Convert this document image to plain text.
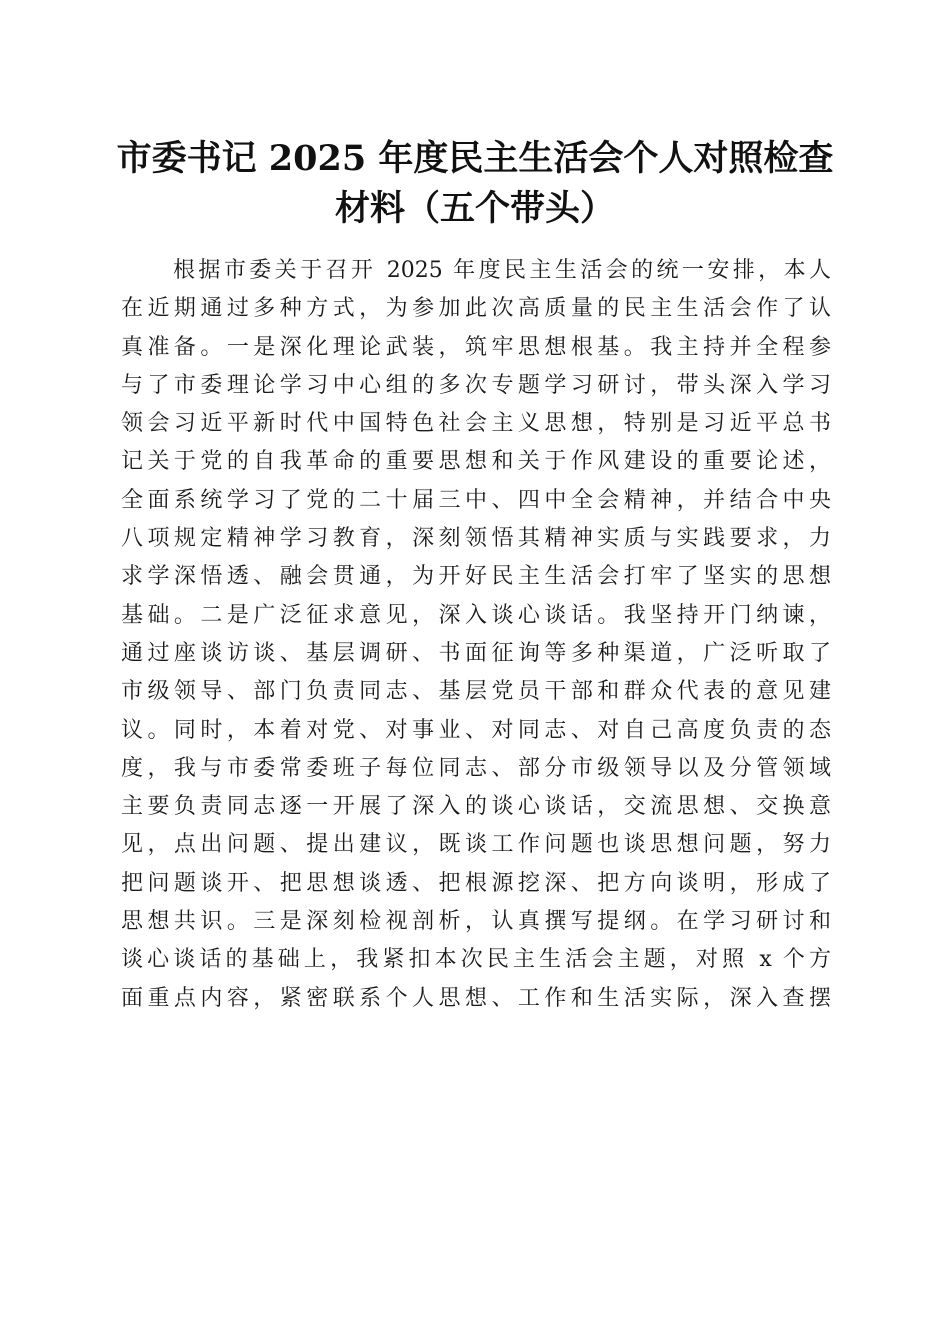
市委书记 2025 年度民主生活会个人对照检查
材料（五个带头）
根据市委关于召开 2025 年度民主生活会的统一安排，本人
在近期通过多种方式，为参加此次高质量的民主生活会作了认
真准备。一是深化理论武装，筑牢思想根基。我主持并全程参
与了市委理论学习中心组的多次专题学习研讨，带头深入学习
领会习近平新时代中国特色社会主义思想，特别是习近平总书
记关于党的自我革命的重要思想和关于作风建设的重要论述，
全面系统学习了党的二十届三中、四中全会精神，并结合中央
八项规定精神学习教育，深刻领悟其精神实质与实践要求，力
求学深悟透、融会贯通，为开好民主生活会打牢了坚实的思想
基础。二是广泛征求意见，深入谈心谈话。我坚持开门纳谏，
通过座谈访谈、基层调研、书面征询等多种渠道，广泛听取了
市级领导、部门负责同志、基层党员干部和群众代表的意见建
议。同时，本着对党、对事业、对同志、对自己高度负责的态
度，我与市委常委班子每位同志、部分市级领导以及分管领域
主要负责同志逐一开展了深入的谈心谈话，交流思想、交换意
见，点出问题、提出建议，既谈工作问题也谈思想问题，努力
把问题谈开、把思想谈透、把根源挖深、把方向谈明，形成了
思想共识。三是深刻检视剖析，认真撰写提纲。在学习研讨和
谈心谈话的基础上，我紧扣本次民主生活会主题，对照 x 个方
面重点内容，紧密联系个人思想、工作和生活实际，深入查摆
